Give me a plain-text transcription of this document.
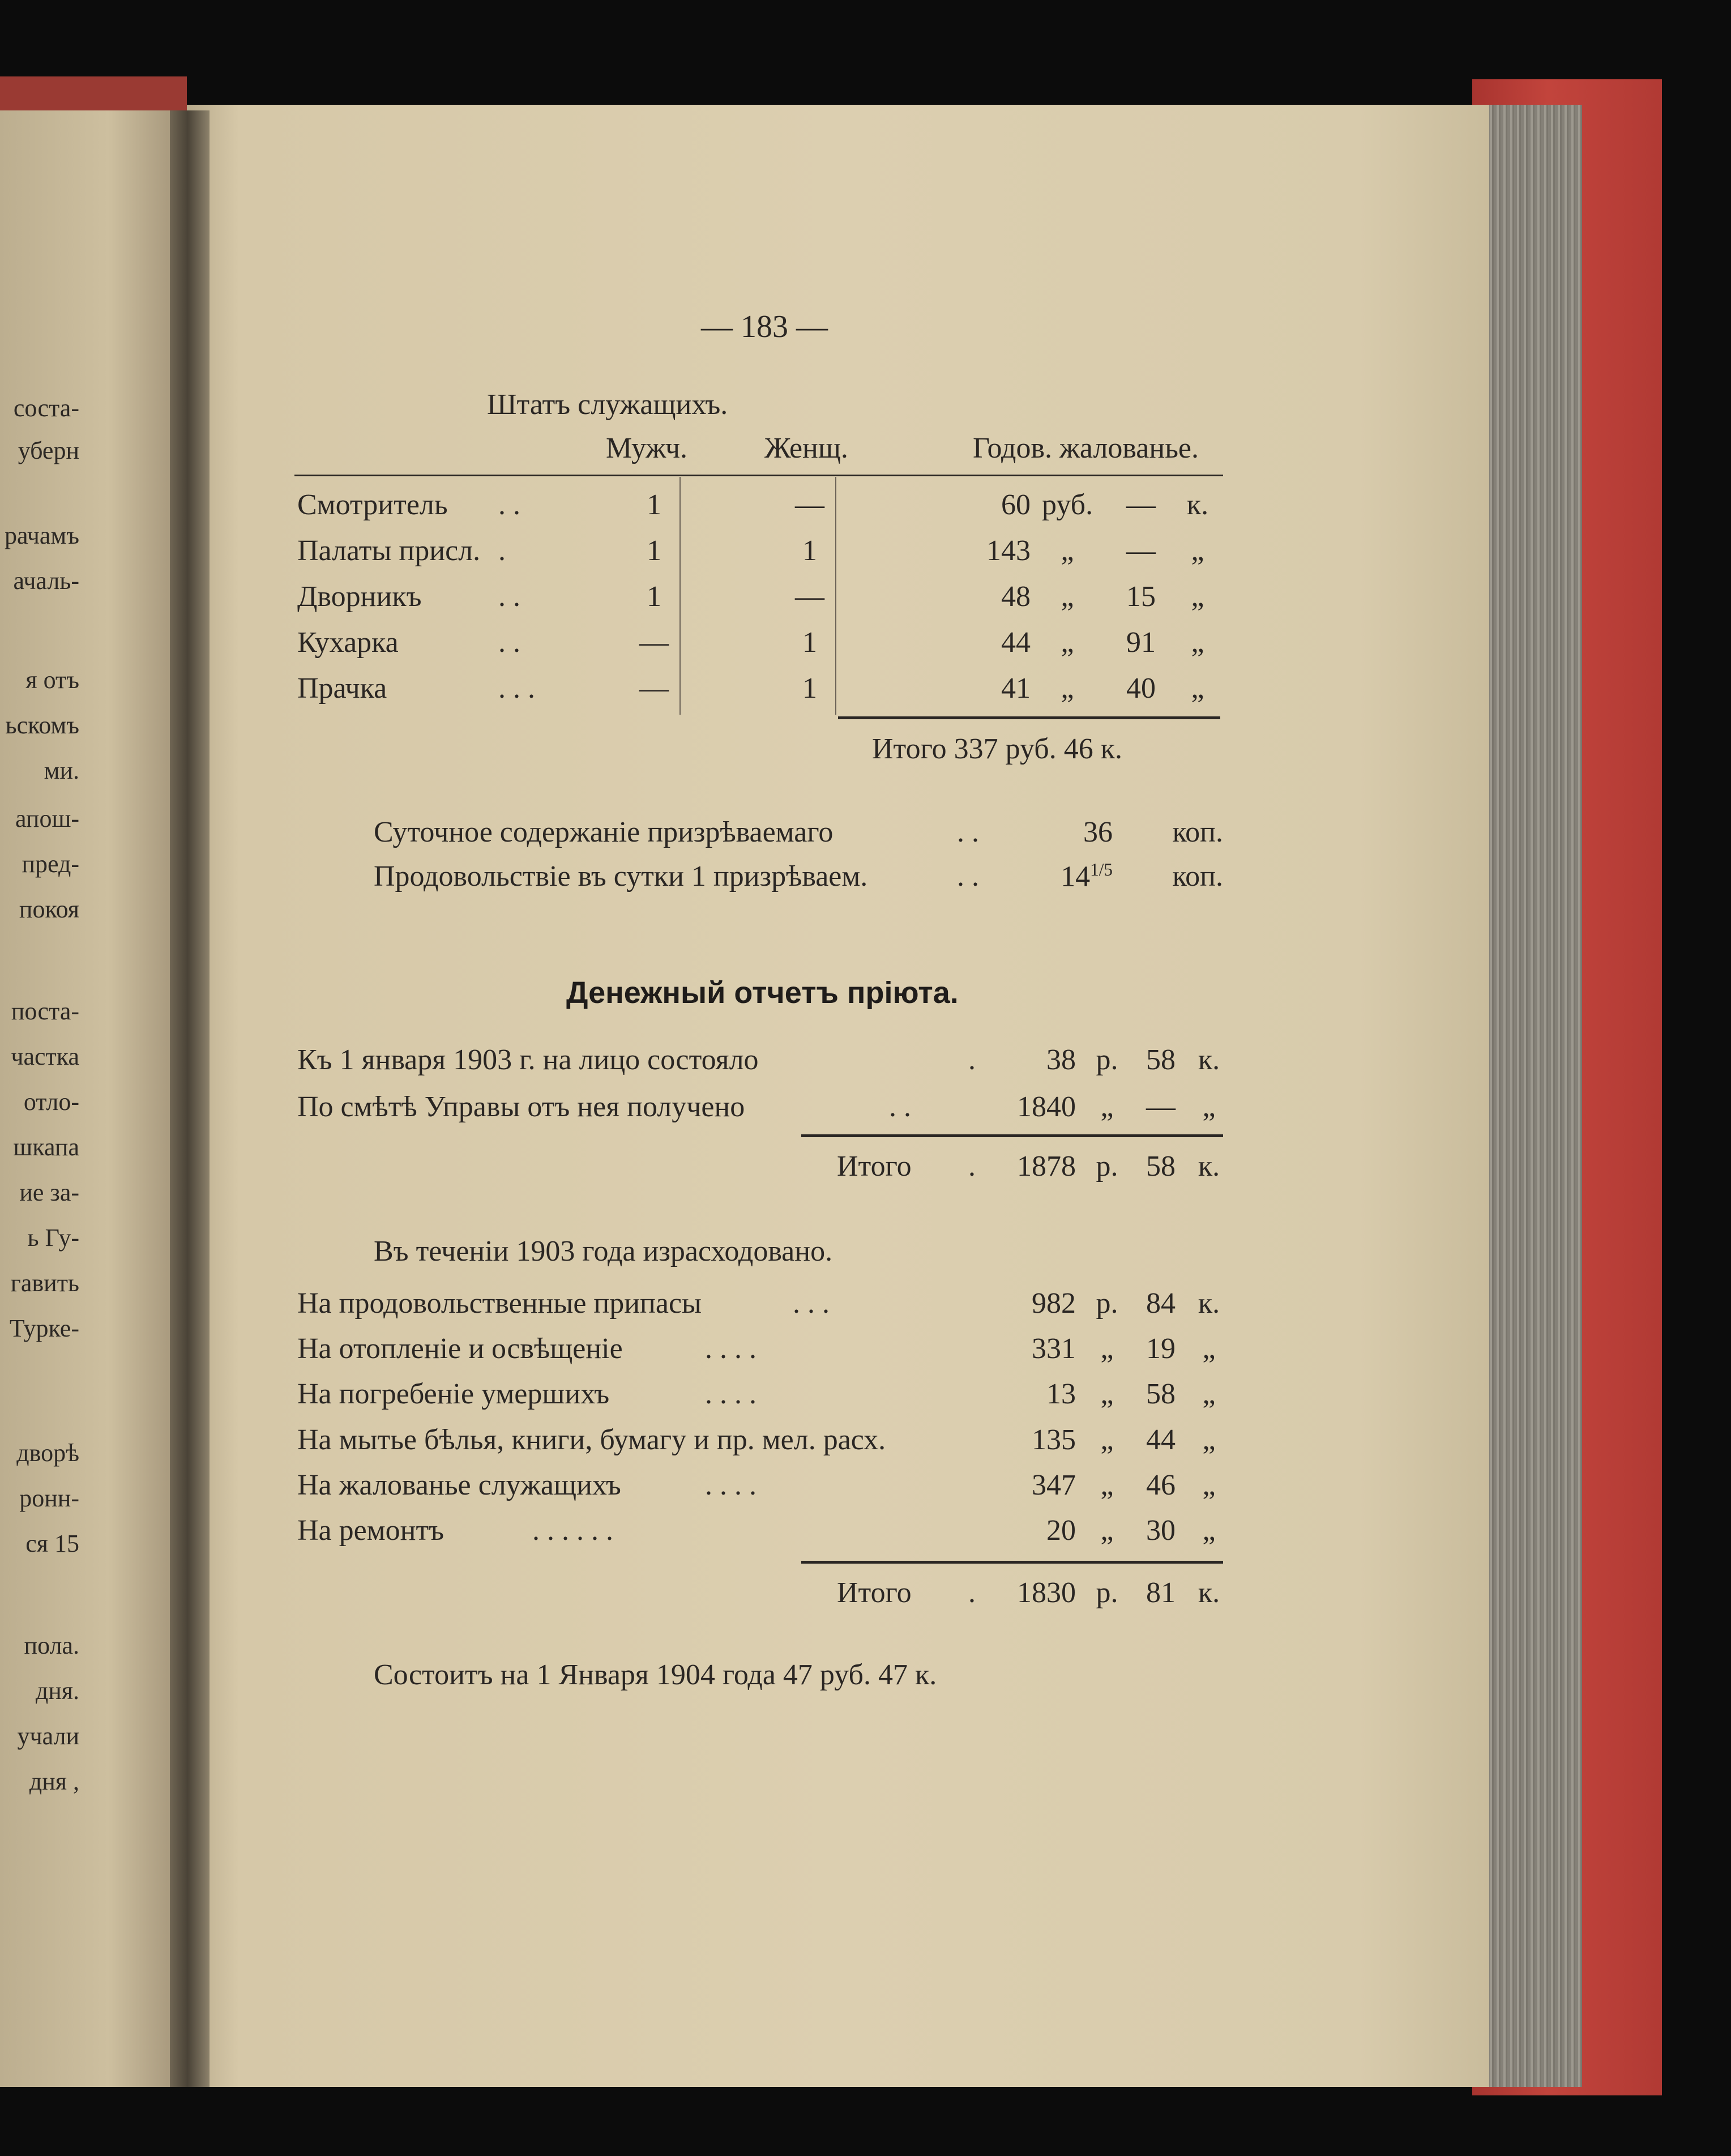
соста-
уберн
рачамъ
ачаль-
я отъ
ьскомъ
ми.
апош-
пред-
покоя
поста-
частка
отло-
шкапа
ие за-
ь Гу-
гавить
Турке-
дворѣ
ронн-
ся 15
пола.
дня.
учали
дня ,
— 183 —
Штатъ служащихъ.
Мужч.	Женщ.	Годов. жалованье.
Смотритель . .	1	—	60 руб.	—	к.
Палаты присл. .	1	1	143	„	—	„
Дворникъ	. .	1	—	48	„	15	„
Кухарка	. .	—	1	44	„	91	„
Прачка	. . .	—	1	41	„	40	„
Итого 337 руб. 46 к.
Суточное содержаніе призрѣваемаго	. .	36	коп.
Продовольствіе въ сутки 1 призрѣваем.	. .	$14^{1/5}$	коп.
Денежный отчетъ пріюта.
Къ 1 января 1903 г. на лицо состояло	.	38 р. 58 к.
По смѣтѣ Управы отъ нея получено	. .	1840 „	— „
Итого .	1878 р. 58 к.
Въ теченіи 1903 года израсходовано.
На продовольственные припасы	. . .	982 р. 84 к.
На отопленіе и освѣщеніе	. . . .	331 „	19 „
На погребеніе умершихъ	. . . .	13 „	58 „
На мытье бѣлья, книги, бумагу и пр. мел. расх.	135 „	44 „
На жалованье служащихъ	. . . .	347 „	46 „
На ремонтъ	. . . . . .	20 „	30 „
Итого .	1830 р. 81 к.
Состоитъ на 1 Января 1904 года 47 руб. 47 к.
